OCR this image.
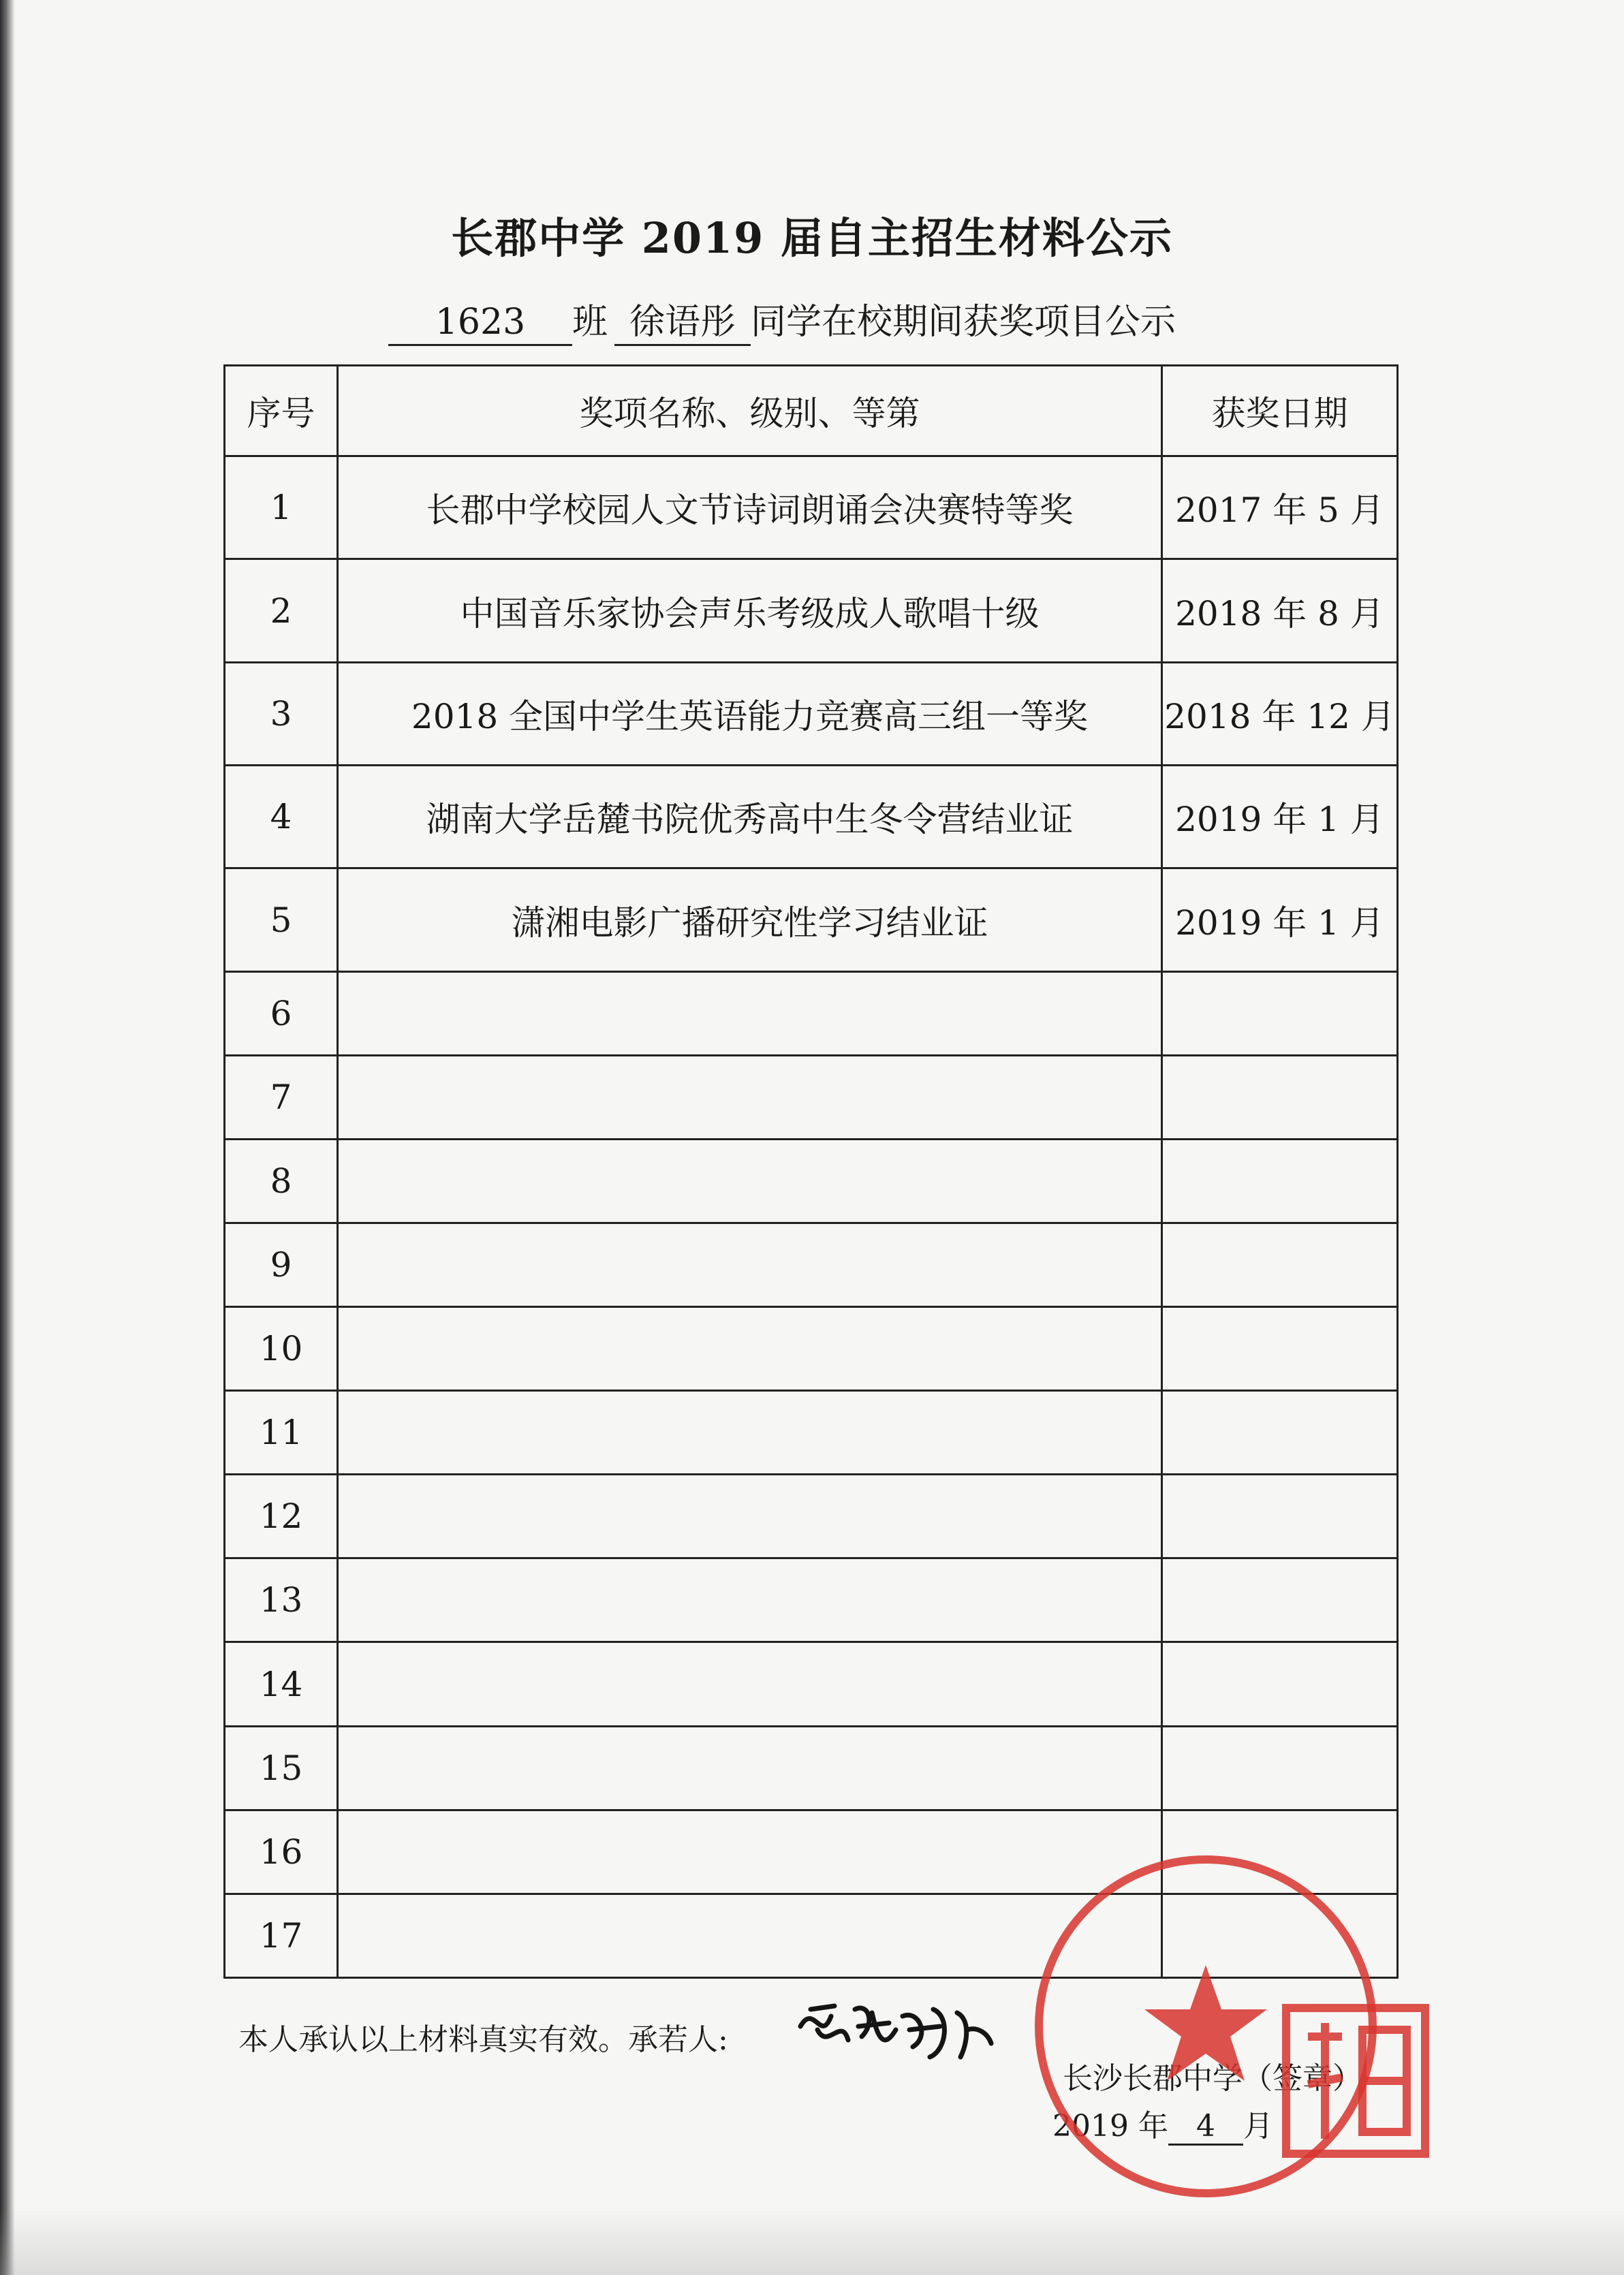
长郡中学 2019 届自主招生材料公示
1623 班 徐语彤 同学在校期间获奖项目公示
序号	奖项名称、级别、等第	获奖日期
1	长郡中学校园人文节诗词朗诵会决赛特等奖	2017 年 5 月
2	中国音乐家协会声乐考级成人歌唱十级	2018 年 8 月
3	2018 全国中学生英语能力竞赛高三组一等奖	2018 年 12 月
4	湖南大学岳麓书院优秀高中生冬令营结业证	2019 年 1 月
5	潇湘电影广播研究性学习结业证	2019 年 1 月
6		
7		
8		
9		
10		
11		
12		
13		
14		
15		
16		
17		
本人承认以上材料真实有效。承若人:
长沙长郡中学（签章）
2019 年 4 月
